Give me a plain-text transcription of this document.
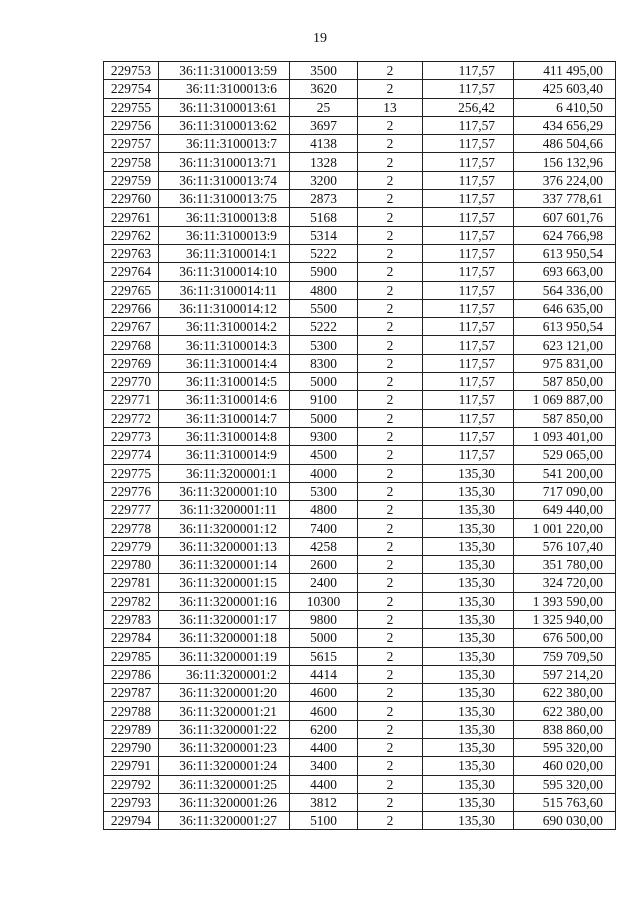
19
229753	36:11:3100013:59	3500	2	117,57	411 495,00
229754	36:11:3100013:6	3620	2	117,57	425 603,40
229755	36:11:3100013:61	25	13	256,42	6 410,50
229756	36:11:3100013:62	3697	2	117,57	434 656,29
229757	36:11:3100013:7	4138	2	117,57	486 504,66
229758	36:11:3100013:71	1328	2	117,57	156 132,96
229759	36:11:3100013:74	3200	2	117,57	376 224,00
229760	36:11:3100013:75	2873	2	117,57	337 778,61
229761	36:11:3100013:8	5168	2	117,57	607 601,76
229762	36:11:3100013:9	5314	2	117,57	624 766,98
229763	36:11:3100014:1	5222	2	117,57	613 950,54
229764	36:11:3100014:10	5900	2	117,57	693 663,00
229765	36:11:3100014:11	4800	2	117,57	564 336,00
229766	36:11:3100014:12	5500	2	117,57	646 635,00
229767	36:11:3100014:2	5222	2	117,57	613 950,54
229768	36:11:3100014:3	5300	2	117,57	623 121,00
229769	36:11:3100014:4	8300	2	117,57	975 831,00
229770	36:11:3100014:5	5000	2	117,57	587 850,00
229771	36:11:3100014:6	9100	2	117,57	1 069 887,00
229772	36:11:3100014:7	5000	2	117,57	587 850,00
229773	36:11:3100014:8	9300	2	117,57	1 093 401,00
229774	36:11:3100014:9	4500	2	117,57	529 065,00
229775	36:11:3200001:1	4000	2	135,30	541 200,00
229776	36:11:3200001:10	5300	2	135,30	717 090,00
229777	36:11:3200001:11	4800	2	135,30	649 440,00
229778	36:11:3200001:12	7400	2	135,30	1 001 220,00
229779	36:11:3200001:13	4258	2	135,30	576 107,40
229780	36:11:3200001:14	2600	2	135,30	351 780,00
229781	36:11:3200001:15	2400	2	135,30	324 720,00
229782	36:11:3200001:16	10300	2	135,30	1 393 590,00
229783	36:11:3200001:17	9800	2	135,30	1 325 940,00
229784	36:11:3200001:18	5000	2	135,30	676 500,00
229785	36:11:3200001:19	5615	2	135,30	759 709,50
229786	36:11:3200001:2	4414	2	135,30	597 214,20
229787	36:11:3200001:20	4600	2	135,30	622 380,00
229788	36:11:3200001:21	4600	2	135,30	622 380,00
229789	36:11:3200001:22	6200	2	135,30	838 860,00
229790	36:11:3200001:23	4400	2	135,30	595 320,00
229791	36:11:3200001:24	3400	2	135,30	460 020,00
229792	36:11:3200001:25	4400	2	135,30	595 320,00
229793	36:11:3200001:26	3812	2	135,30	515 763,60
229794	36:11:3200001:27	5100	2	135,30	690 030,00
